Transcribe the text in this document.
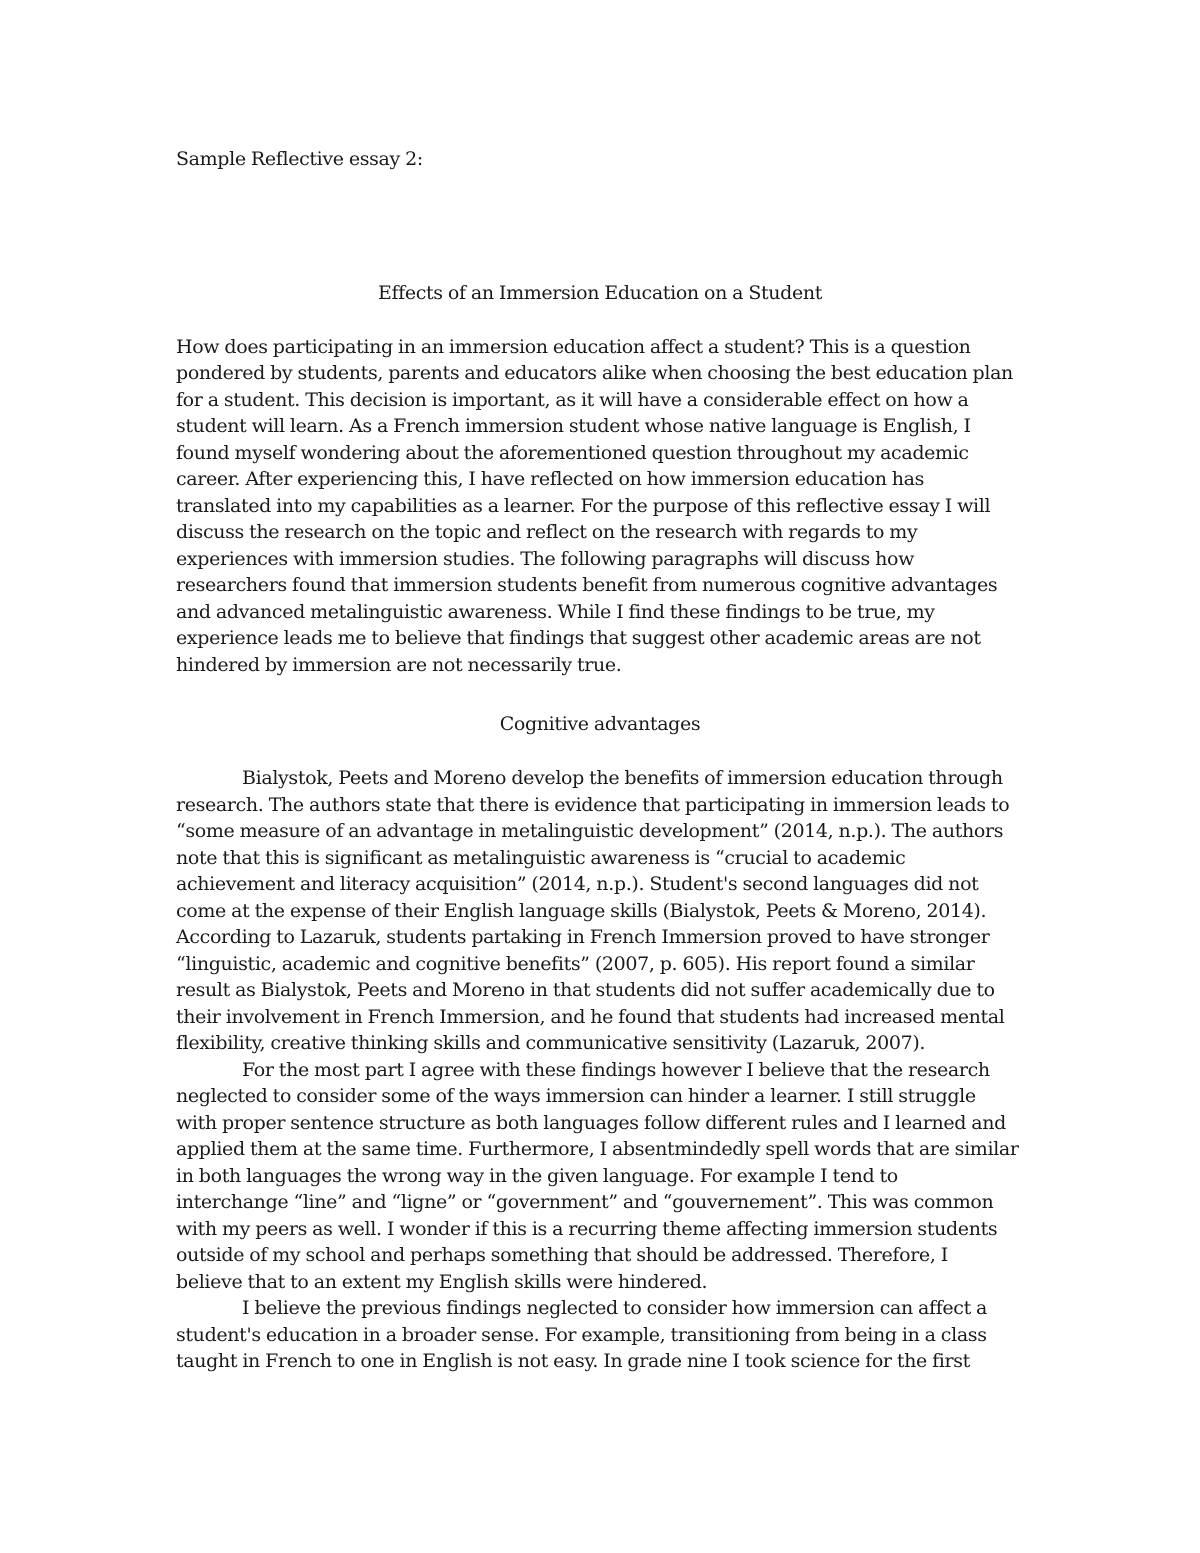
Sample Reflective essay 2:
Effects of an Immersion Education on a Student
How does participating in an immersion education affect a student? This is a question
pondered by students, parents and educators alike when choosing the best education plan
for a student. This decision is important, as it will have a considerable effect on how a
student will learn. As a French immersion student whose native language is English, I
found myself wondering about the aforementioned question throughout my academic
career. After experiencing this, I have reflected on how immersion education has
translated into my capabilities as a learner. For the purpose of this reflective essay I will
discuss the research on the topic and reflect on the research with regards to my
experiences with immersion studies. The following paragraphs will discuss how
researchers found that immersion students benefit from numerous cognitive advantages
and advanced metalinguistic awareness. While I find these findings to be true, my
experience leads me to believe that findings that suggest other academic areas are not
hindered by immersion are not necessarily true.
Cognitive advantages
Bialystok, Peets and Moreno develop the benefits of immersion education through
research. The authors state that there is evidence that participating in immersion leads to
“some measure of an advantage in metalinguistic development” (2014, n.p.). The authors
note that this is significant as metalinguistic awareness is “crucial to academic
achievement and literacy acquisition” (2014, n.p.). Student's second languages did not
come at the expense of their English language skills (Bialystok, Peets & Moreno, 2014).
According to Lazaruk, students partaking in French Immersion proved to have stronger
“linguistic, academic and cognitive benefits” (2007, p. 605). His report found a similar
result as Bialystok, Peets and Moreno in that students did not suffer academically due to
their involvement in French Immersion, and he found that students had increased mental
flexibility, creative thinking skills and communicative sensitivity (Lazaruk, 2007).
For the most part I agree with these findings however I believe that the research
neglected to consider some of the ways immersion can hinder a learner. I still struggle
with proper sentence structure as both languages follow different rules and I learned and
applied them at the same time. Furthermore, I absentmindedly spell words that are similar
in both languages the wrong way in the given language. For example I tend to
interchange “line” and “ligne” or “government” and “gouvernement”. This was common
with my peers as well. I wonder if this is a recurring theme affecting immersion students
outside of my school and perhaps something that should be addressed. Therefore, I
believe that to an extent my English skills were hindered.
I believe the previous findings neglected to consider how immersion can affect a
student's education in a broader sense. For example, transitioning from being in a class
taught in French to one in English is not easy. In grade nine I took science for the first
